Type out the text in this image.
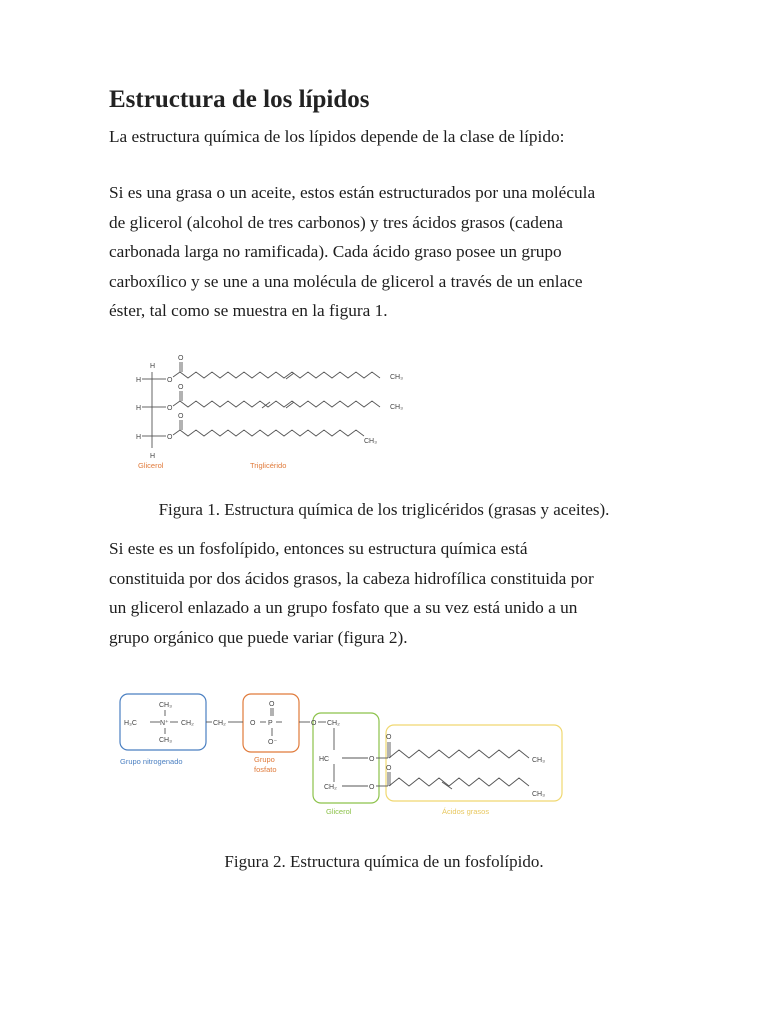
Estructura de los lípidos

La estructura química de los lípidos depende de la clase de lípido:

Si es una grasa o un aceite, estos están estructurados por una molécula
de glicerol (alcohol de tres carbonos) y tres ácidos grasos (cadena
carbonada larga no ramificada). Cada ácido graso posee un grupo
carboxílico y se une a una molécula de glicerol a través de un enlace
éster, tal como se muestra en la figura 1.
H
H
H
H
H
O
O
O
O
O
O
CH₃
CH₃
CH₃
Glicerol	Triglicérido

Figura 1. Estructura química de los triglicéridos (grasas y aceites).

Si este es un fosfolípido, entonces su estructura química está
constituida por dos ácidos grasos, la cabeza hidrofílica constituida por
un glicerol enlazado a un grupo fosfato que a su vez está unido a un
grupo orgánico que puede variar (figura 2).
H₃C	N⁺
CH₃
CH₃
CH₂	CH₂	P
O
O⁻
O	O CH₂
HC
CH₂
O
O
O
O
CH₃
CH₃
Grupo nitrogenado	Grupo
fosfato
Glicerol	Ácidos grasos

Figura 2. Estructura química de un fosfolípido.
